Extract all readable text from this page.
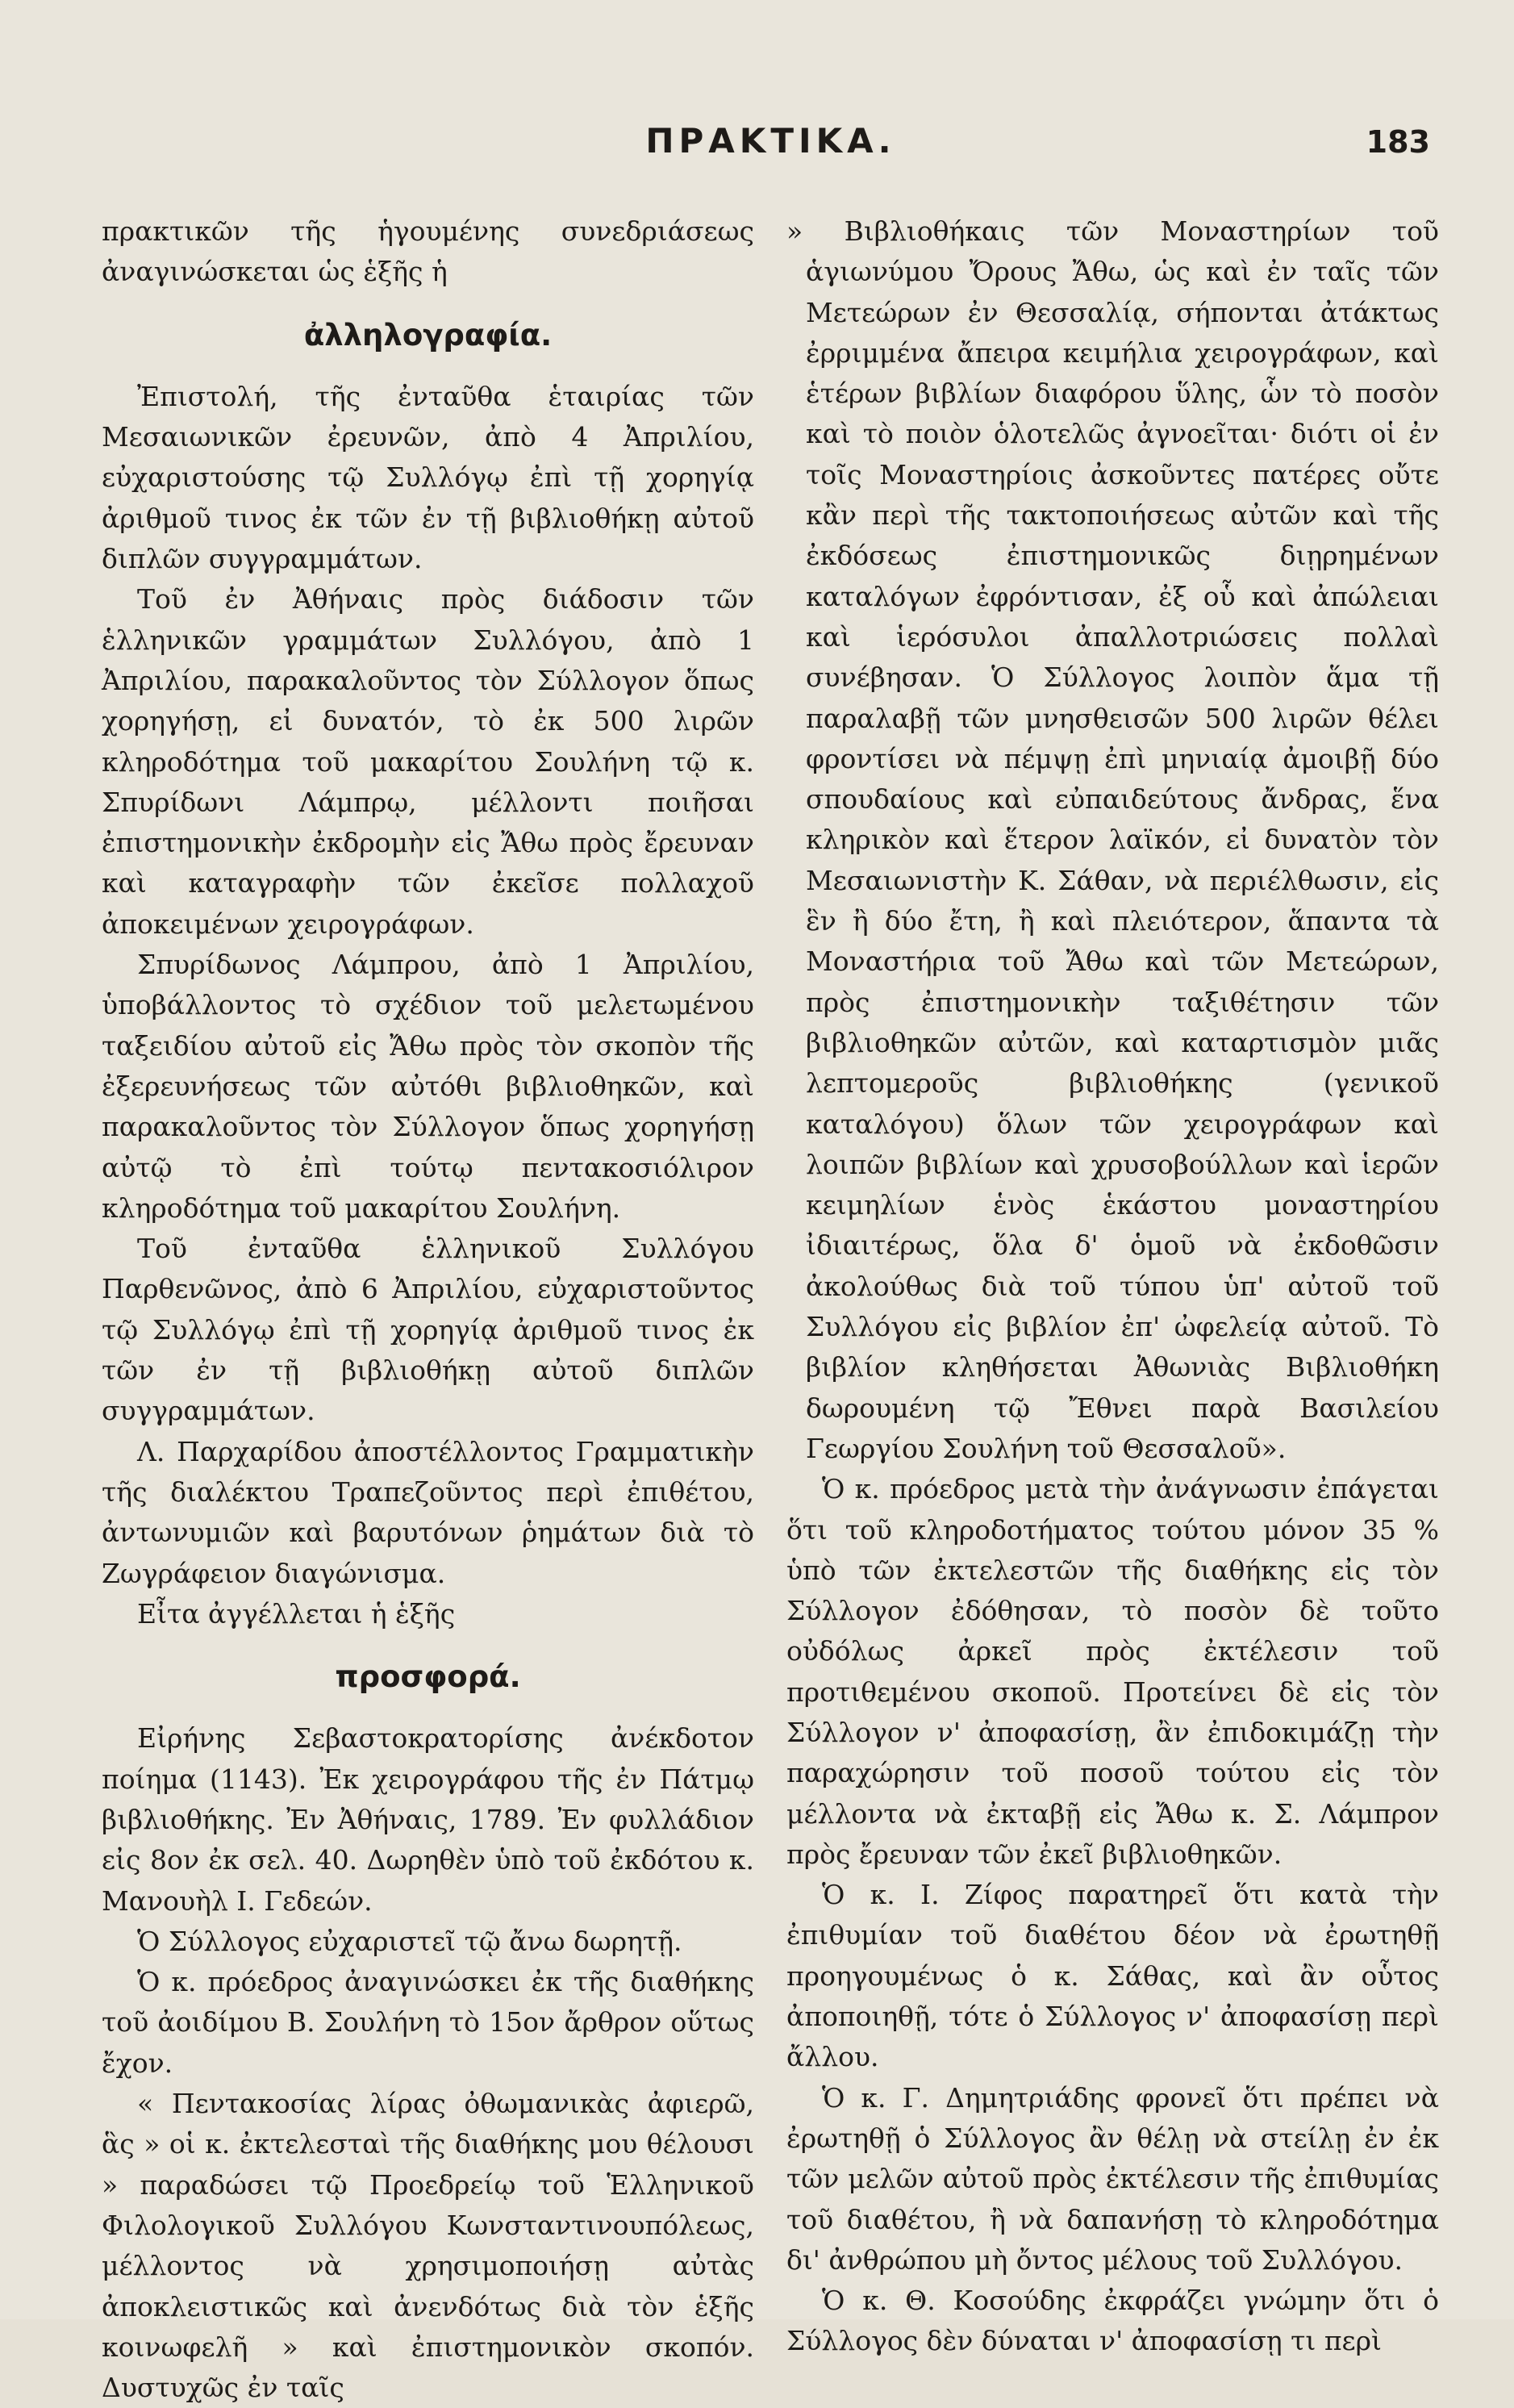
ΠΡΑΚΤΙΚΑ.	183

πρακτικῶν τῆς ἡγουμένης συνεδριάσεως ἀναγινώσκεται ὡς ἑξῆς ἡ

ἀλληλογραφία.

Ἐπιστολή, τῆς ἐνταῦθα ἑταιρίας τῶν Μεσαιωνικῶν ἐρευνῶν, ἀπὸ 4 Ἀπριλίου, εὐχαριστούσης τῷ Συλλόγῳ ἐπὶ τῇ χορηγίᾳ ἀριθμοῦ τινος ἐκ τῶν ἐν τῇ βιβλιοθήκῃ αὐτοῦ διπλῶν συγγραμμάτων.

Τοῦ ἐν Ἀθήναις πρὸς διάδοσιν τῶν ἑλληνικῶν γραμμάτων Συλλόγου, ἀπὸ 1 Ἀπριλίου, παρακαλοῦντος τὸν Σύλλογον ὅπως χορηγήσῃ, εἰ δυνατόν, τὸ ἐκ 500 λιρῶν κληροδότημα τοῦ μακαρίτου Σουλήνη τῷ κ. Σπυρίδωνι Λάμπρῳ, μέλλοντι ποιῆσαι ἐπιστημονικὴν ἐκδρομὴν εἰς Ἄθω πρὸς ἔρευναν καὶ καταγραφὴν τῶν ἐκεῖσε πολλαχοῦ ἀποκειμένων χειρογράφων.

Σπυρίδωνος Λάμπρου, ἀπὸ 1 Ἀπριλίου, ὑποβάλλοντος τὸ σχέδιον τοῦ μελετωμένου ταξειδίου αὐτοῦ εἰς Ἄθω πρὸς τὸν σκοπὸν τῆς ἐξερευνήσεως τῶν αὐτόθι βιβλιοθηκῶν, καὶ παρακαλοῦντος τὸν Σύλλογον ὅπως χορηγήσῃ αὐτῷ τὸ ἐπὶ τούτῳ πεντακοσιόλιρον κληροδότημα τοῦ μακαρίτου Σουλήνη.

Τοῦ ἐνταῦθα ἑλληνικοῦ Συλλόγου Παρθενῶνος, ἀπὸ 6 Ἀπριλίου, εὐχαριστοῦντος τῷ Συλλόγῳ ἐπὶ τῇ χορηγίᾳ ἀριθμοῦ τινος ἐκ τῶν ἐν τῇ βιβλιοθήκῃ αὐτοῦ διπλῶν συγγραμμάτων.

Λ. Παρχαρίδου ἀποστέλλοντος Γραμματικὴν τῆς διαλέκτου Τραπεζοῦντος περὶ ἐπιθέτου, ἀντωνυμιῶν καὶ βαρυτόνων ῥημάτων διὰ τὸ Ζωγράφειον διαγώνισμα.

Εἶτα ἀγγέλλεται ἡ ἑξῆς

προσφορά.

Εἰρήνης Σεβαστοκρατορίσης ἀνέκδοτον ποίημα (1143). Ἐκ χειρογράφου τῆς ἐν Πάτμῳ βιβλιοθήκης. Ἐν Ἀθήναις, 1789. Ἐν φυλλάδιον εἰς 8ον ἐκ σελ. 40. Δωρηθὲν ὑπὸ τοῦ ἐκδότου κ. Μανουὴλ Ι. Γεδεών.

Ὁ Σύλλογος εὐχαριστεῖ τῷ ἄνω δωρητῇ.

Ὁ κ. πρόεδρος ἀναγινώσκει ἐκ τῆς διαθήκης τοῦ ἀοιδίμου Β. Σουλήνη τὸ 15ον ἄρθρον οὕτως ἔχον.

« Πεντακοσίας λίρας ὀθωμανικὰς ἀφιερῶ, ἃς » οἱ κ. ἐκτελεσταὶ τῆς διαθήκης μου θέλουσι » παραδώσει τῷ Προεδρείῳ τοῦ Ἑλληνικοῦ Φιλολογικοῦ Συλλόγου Κωνσταντινουπόλεως, μέλλοντος νὰ χρησιμοποιήσῃ αὐτὰς ἀποκλειστικῶς καὶ ἀνενδότως διὰ τὸν ἑξῆς κοινωφελῆ » καὶ ἐπιστημονικὸν σκοπόν. Δυστυχῶς ἐν ταῖς

» Βιβλιοθήκαις τῶν Μοναστηρίων τοῦ ἁγιωνύμου Ὄρους Ἄθω, ὡς καὶ ἐν ταῖς τῶν Μετεώρων ἐν Θεσσαλίᾳ, σήπονται ἀτάκτως ἐρριμμένα ἄπειρα κειμήλια χειρογράφων, καὶ ἑτέρων βιβλίων διαφόρου ὕλης, ὧν τὸ ποσὸν καὶ τὸ ποιὸν ὁλοτελῶς ἀγνοεῖται· διότι οἱ ἐν τοῖς Μοναστηρίοις ἀσκοῦντες πατέρες οὔτε κἂν περὶ τῆς τακτοποιήσεως αὐτῶν καὶ τῆς ἐκδόσεως ἐπιστημονικῶς διῃρημένων καταλόγων ἐφρόντισαν, ἐξ οὗ καὶ ἀπώλειαι καὶ ἱερόσυλοι ἀπαλλοτριώσεις πολλαὶ συνέβησαν. Ὁ Σύλλογος λοιπὸν ἅμα τῇ παραλαβῇ τῶν μνησθεισῶν 500 λιρῶν θέλει φροντίσει νὰ πέμψῃ ἐπὶ μηνιαίᾳ ἀμοιβῇ δύο σπουδαίους καὶ εὐπαιδεύτους ἄνδρας, ἕνα κληρικὸν καὶ ἕτερον λαϊκόν, εἰ δυνατὸν τὸν Μεσαιωνιστὴν Κ. Σάθαν, νὰ περιέλθωσιν, εἰς ἓν ἢ δύο ἔτη, ἢ καὶ πλειότερον, ἅπαντα τὰ Μοναστήρια τοῦ Ἄθω καὶ τῶν Μετεώρων, πρὸς ἐπιστημονικὴν ταξιθέτησιν τῶν βιβλιοθηκῶν αὐτῶν, καὶ καταρτισμὸν μιᾶς λεπτομεροῦς βιβλιοθήκης (γενικοῦ καταλόγου) ὅλων τῶν χειρογράφων καὶ λοιπῶν βιβλίων καὶ χρυσοβούλλων καὶ ἱερῶν κειμηλίων ἑνὸς ἑκάστου μοναστηρίου ἰδιαιτέρως, ὅλα δ' ὁμοῦ νὰ ἐκδοθῶσιν ἀκολούθως διὰ τοῦ τύπου ὑπ' αὐτοῦ τοῦ Συλλόγου εἰς βιβλίον ἐπ' ὠφελείᾳ αὐτοῦ. Τὸ βιβλίον κληθήσεται Ἀθωνιὰς Βιβλιοθήκη δωρουμένη τῷ Ἔθνει παρὰ Βασιλείου Γεωργίου Σουλήνη τοῦ Θεσσαλοῦ».

Ὁ κ. πρόεδρος μετὰ τὴν ἀνάγνωσιν ἐπάγεται ὅτι τοῦ κληροδοτήματος τούτου μόνον 35 % ὑπὸ τῶν ἐκτελεστῶν τῆς διαθήκης εἰς τὸν Σύλλογον ἐδόθησαν, τὸ ποσὸν δὲ τοῦτο οὐδόλως ἀρκεῖ πρὸς ἐκτέλεσιν τοῦ προτιθεμένου σκοποῦ. Προτείνει δὲ εἰς τὸν Σύλλογον ν' ἀποφασίσῃ, ἂν ἐπιδοκιμάζῃ τὴν παραχώρησιν τοῦ ποσοῦ τούτου εἰς τὸν μέλλοντα νὰ ἐκταβῇ εἰς Ἄθω κ. Σ. Λάμπρον πρὸς ἔρευναν τῶν ἐκεῖ βιβλιοθηκῶν.

Ὁ κ. Ι. Ζίφος παρατηρεῖ ὅτι κατὰ τὴν ἐπιθυμίαν τοῦ διαθέτου δέον νὰ ἐρωτηθῇ προηγουμένως ὁ κ. Σάθας, καὶ ἂν οὗτος ἀποποιηθῇ, τότε ὁ Σύλλογος ν' ἀποφασίσῃ περὶ ἄλλου.

Ὁ κ. Γ. Δημητριάδης φρονεῖ ὅτι πρέπει νὰ ἐρωτηθῇ ὁ Σύλλογος ἂν θέλῃ νὰ στείλῃ ἐν ἐκ τῶν μελῶν αὐτοῦ πρὸς ἐκτέλεσιν τῆς ἐπιθυμίας τοῦ διαθέτου, ἢ νὰ δαπανήσῃ τὸ κληροδότημα δι' ἀνθρώπου μὴ ὄντος μέλους τοῦ Συλλόγου.

Ὁ κ. Θ. Κοσούδης ἐκφράζει γνώμην ὅτι ὁ Σύλλογος δὲν δύναται ν' ἀποφασίσῃ τι περὶ
